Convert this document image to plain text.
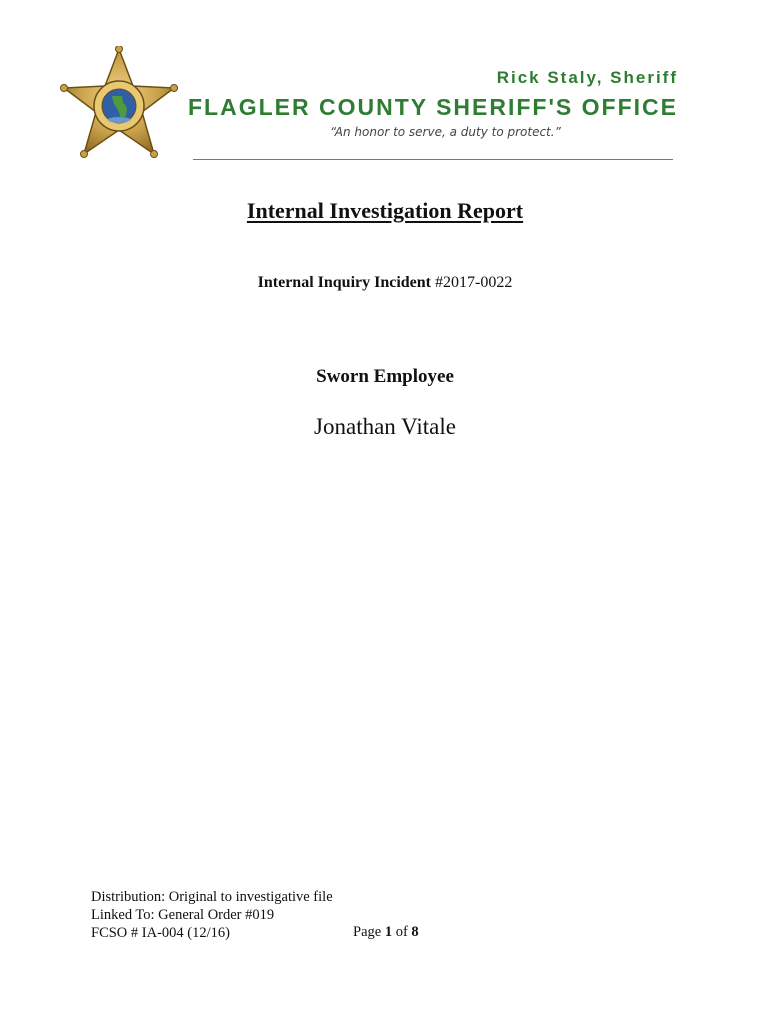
Rick Staly, Sheriff
FLAGLER COUNTY SHERIFF'S OFFICE
“An honor to serve, a duty to protect.”
Internal Investigation Report
Internal Inquiry Incident #2017-0022
Sworn Employee
Jonathan Vitale
Distribution: Original to investigative file
Linked To: General Order #019
FCSO # IA-004 (12/16)	Page 1 of 8
